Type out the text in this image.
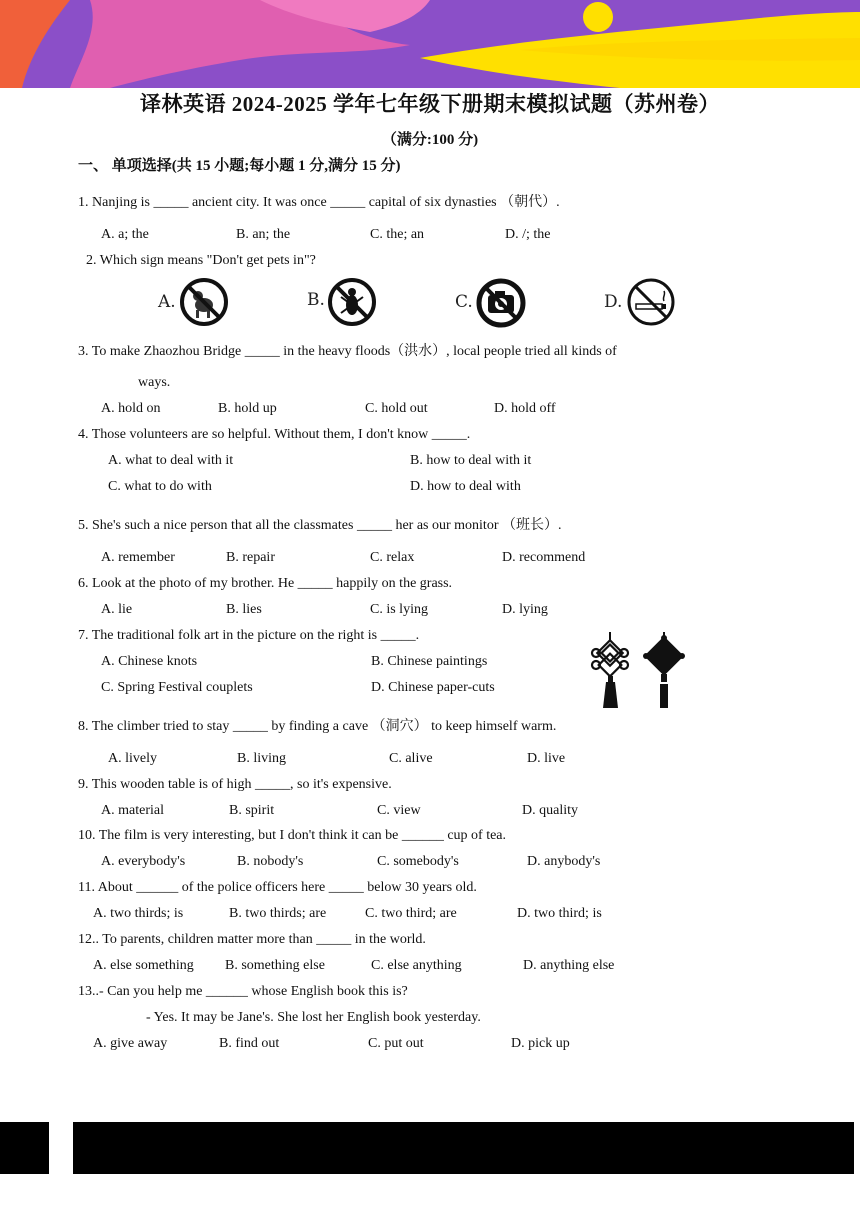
译林英语 2024-2025 学年七年级下册期末模拟试题（苏州卷）
（满分:100 分)
一、 单项选择(共 15 小题;每小题 1 分,满分 15 分)
1. Nanjing is _____ ancient city. It was once _____ capital of six dynasties （朝代）.
A. a; the	B. an; the	C. the; an	D. /; the
2. Which sign means "Don't get pets in"?
A.	B.	C.	D.
3. To make Zhaozhou Bridge _____ in the heavy floods（洪水）, local people tried all kinds of
ways.
A. hold on	B. hold up	C. hold out	D. hold off
4. Those volunteers are so helpful. Without them, I don't know _____.
A. what to deal with it	B. how to deal with it
C. what to do with	D. how to deal with
5. She's such a nice person that all the classmates _____ her as our monitor （班长）.
A. remember	B. repair	C. relax	D. recommend
6. Look at the photo of my brother. He _____ happily on the grass.
A. lie	B. lies	C. is lying	D. lying
7. The traditional folk art in the picture on the right is _____.
A. Chinese knots	B. Chinese paintings
C. Spring Festival couplets	D. Chinese paper-cuts
8. The climber tried to stay _____ by finding a cave （洞穴） to keep himself warm.
A. lively	B. living	C. alive	D. live
9. This wooden table is of high _____, so it's expensive.
A. material	B. spirit	C. view	D. quality
10. The film is very interesting, but I don't think it can be ______ cup of tea.
A. everybody's	B. nobody's	C. somebody's	D. anybody's
11. About ______ of the police officers here _____ below 30 years old.
A. two thirds; is	B. two thirds; are	C. two third; are	D. two third; is
12.. To parents, children matter more than _____ in the world.
A. else something B. something else	C. else anything	D. anything else
13..- Can you help me ______ whose English book this is?
- Yes. It may be Jane's. She lost her English book yesterday.
A. give away	B. find out	C. put out	D. pick up
